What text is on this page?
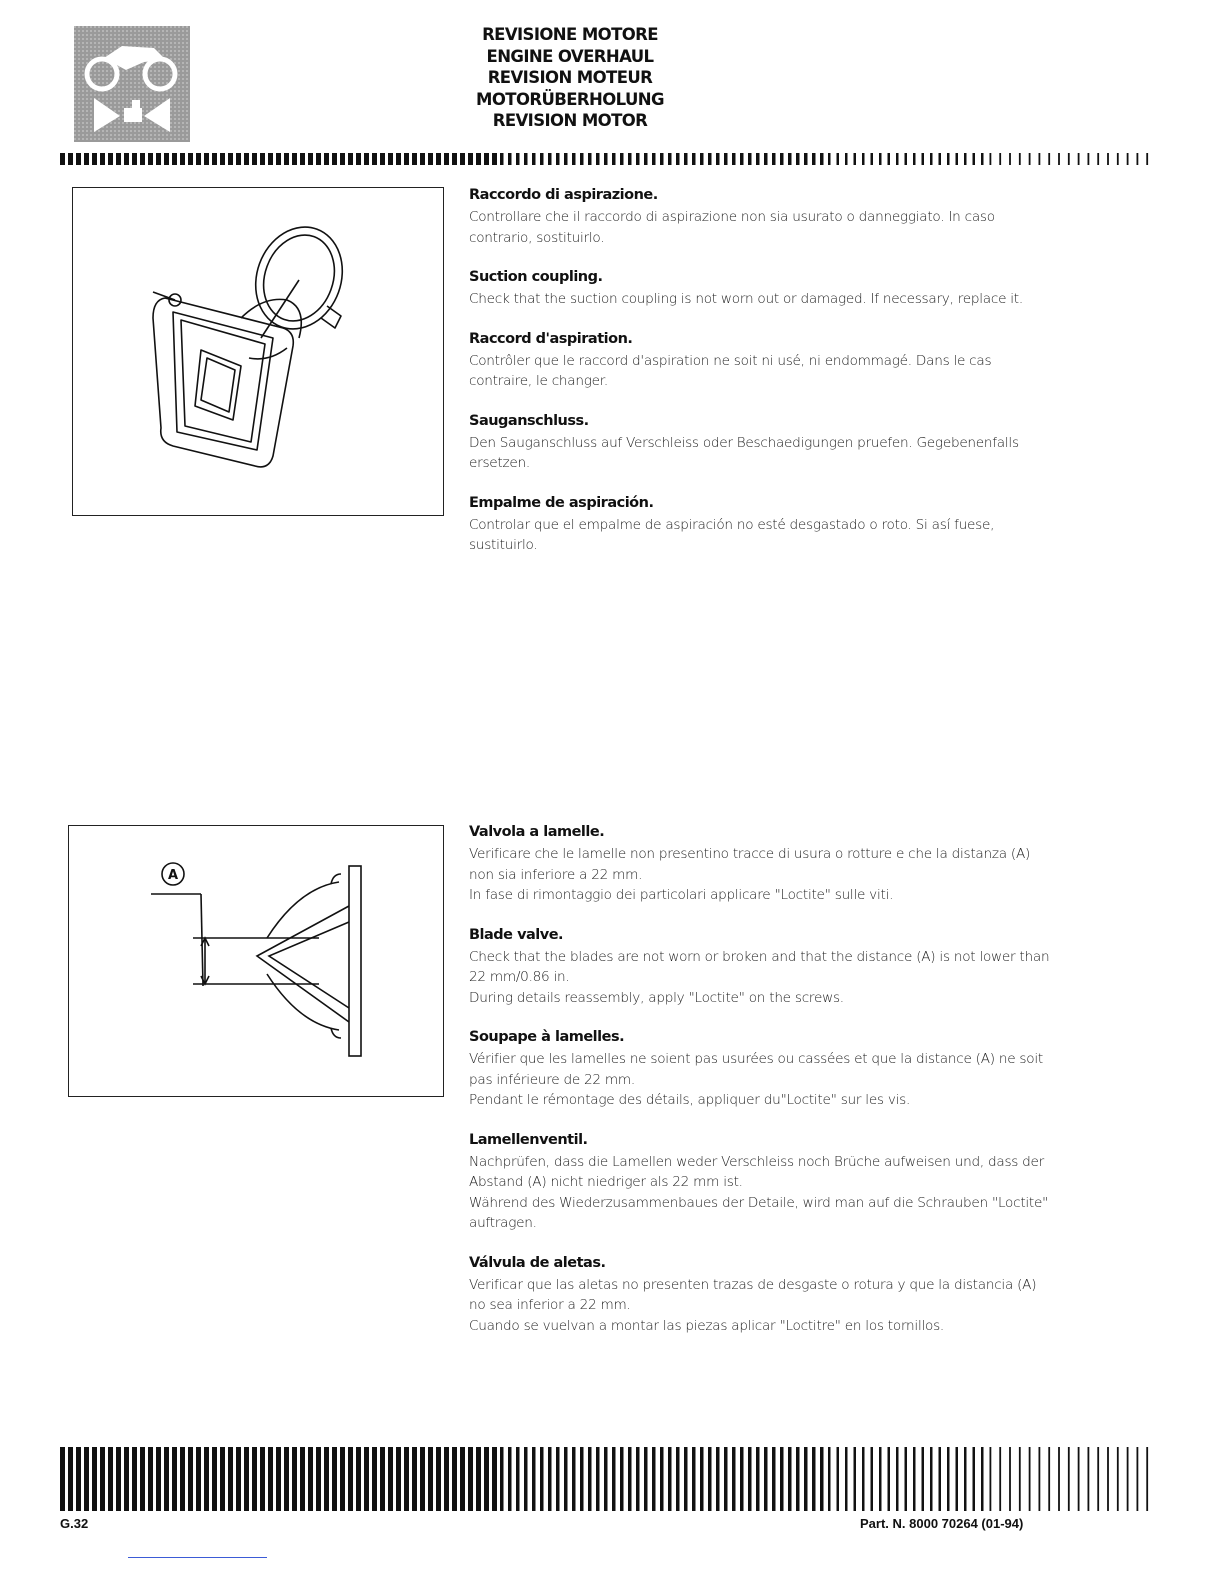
REVISIONE MOTORE
ENGINE OVERHAUL
REVISION MOTEUR
MOTORÜBERHOLUNG
REVISION MOTOR
Raccordo di aspirazione.

Controllare che il raccordo di aspirazione non sia usurato o danneggiato. In caso contrario, sostituirlo.

Suction coupling.

Check that the suction coupling is not worn out or damaged. If necessary, replace it.

Raccord d'aspiration.

Contrôler que le raccord d'aspiration ne soit ni usé, ni endommagé. Dans le cas contraire, le changer.

Sauganschluss.

Den Sauganschluss auf Verschleiss oder Beschaedigungen pruefen. Gegebenenfalls ersetzen.

Empalme de aspiración.

Controlar que el empalme de aspiración no esté desgastado o roto. Si así fuese, sustituirlo.

A
Valvola a lamelle.

Verificare che le lamelle non presentino tracce di usura o rotture e che la distanza (A) non sia inferiore a 22 mm.
In fase di rimontaggio dei particolari applicare "Loctite" sulle viti.

Blade valve.

Check that the blades are not worn or broken and that the distance (A) is not lower than 22 mm/0.86 in.
During details reassembly, apply "Loctite" on the screws.

Soupape à lamelles.

Vérifier que les lamelles ne soient pas usurées ou cassées et que la distance (A) ne soit pas inférieure de 22 mm.
Pendant le rémontage des détails, appliquer du"Loctite" sur les vis.

Lamellenventil.

Nachprüfen, dass die Lamellen weder Verschleiss noch Brüche aufweisen und, dass der Abstand (A) nicht niedriger als 22 mm ist.
Während des Wiederzusammenbaues der Detaile, wird man auf die Schrauben "Loctite" auftragen.

Válvula de aletas.

Verificar que las aletas no presenten trazas de desgaste o rotura y que la distancia (A) no sea inferior a 22 mm.
Cuando se vuelvan a montar las piezas aplicar "Loctitre" en los tornillos.

G.32	Part. N. 8000 70264 (01-94)
